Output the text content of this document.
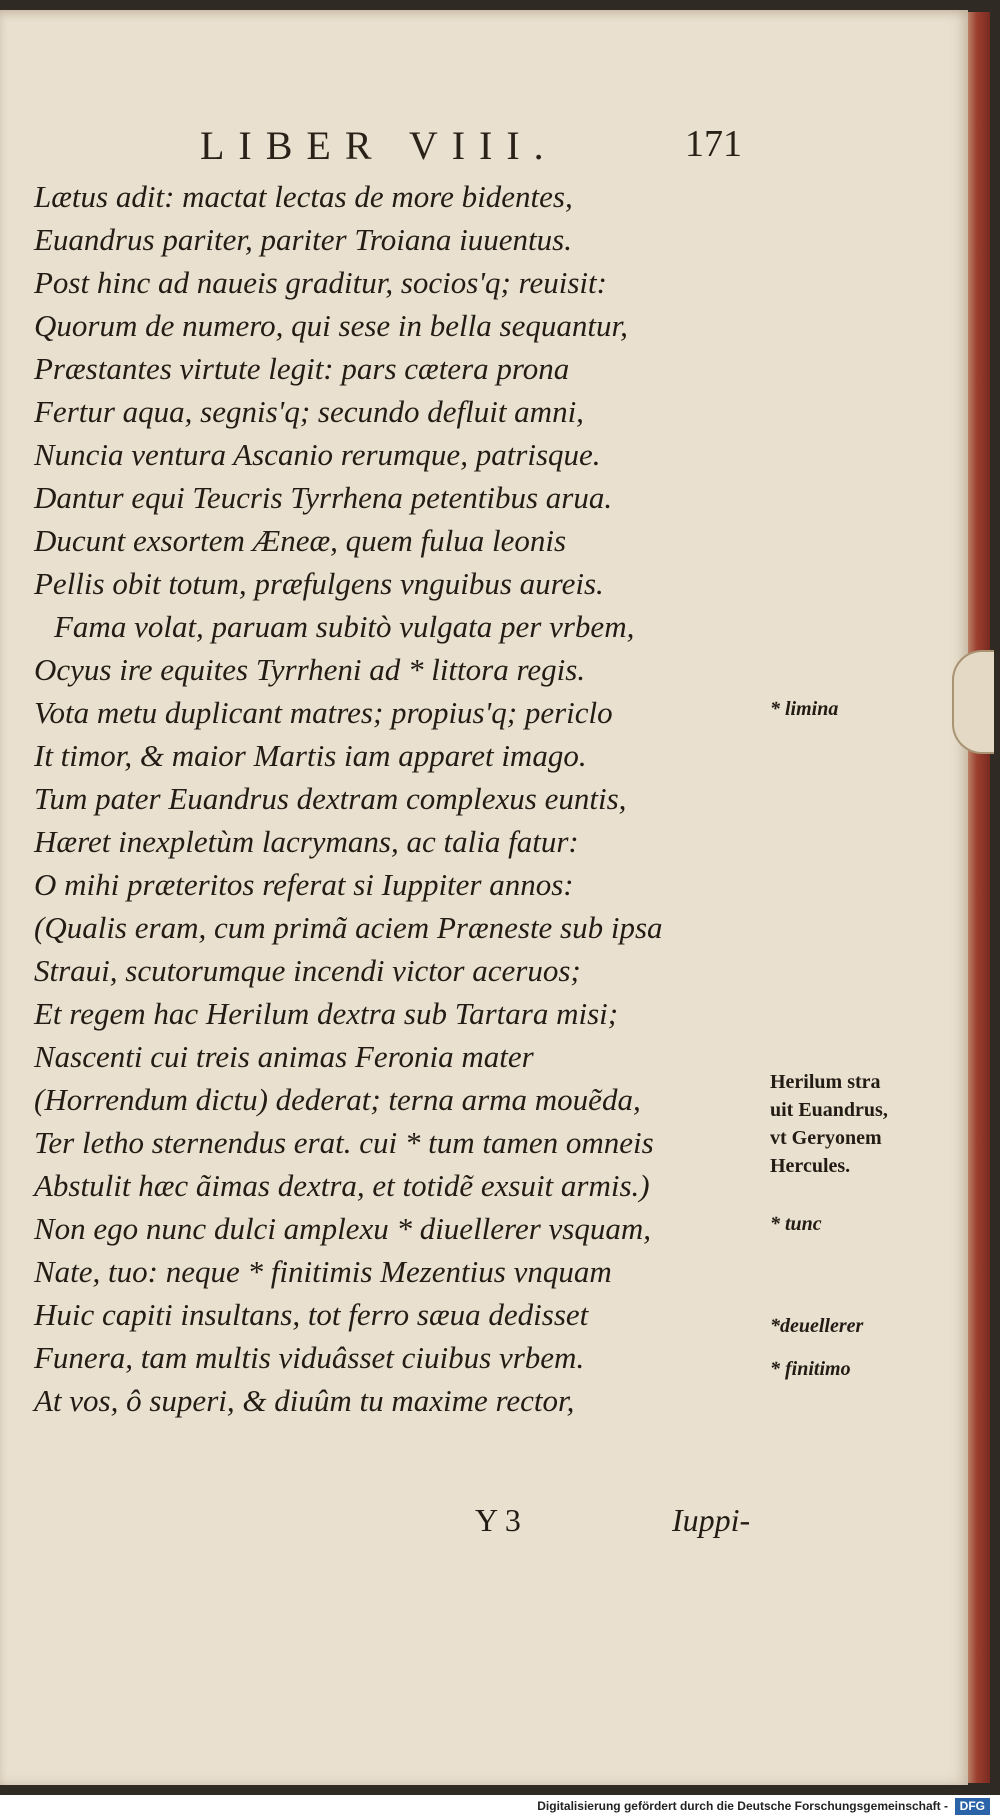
LIBER VIII.	171
Lætus adit: mactat lectas de more bidentes,
Euandrus pariter, pariter Troiana iuuentus.
Post hinc ad naueis graditur, socios'q; reuisit:
Quorum de numero, qui sese in bella sequantur,
Præstantes virtute legit: pars cætera prona
Fertur aqua, segnis'q; secundo defluit amni,
Nuncia ventura Ascanio rerumque, patrisque.
Dantur equi Teucris Tyrrhena petentibus arua.
Ducunt exsortem Æneæ, quem fulua leonis
Pellis obit totum, præfulgens vnguibus aureis.
Fama volat, paruam subitò vulgata per vrbem,
Ocyus ire equites Tyrrheni ad * littora regis.
Vota metu duplicant matres; propius'q; periclo
It timor, & maior Martis iam apparet imago.
Tum pater Euandrus dextram complexus euntis,
Hæret inexpletùm lacrymans, ac talia fatur:
O mihi præteritos referat si Iuppiter annos:
(Qualis eram, cum primã aciem Præneste sub ipsa
Straui, scutorumque incendi victor aceruos;
Et regem hac Herilum dextra sub Tartara misi;
Nascenti cui treis animas Feronia mater
(Horrendum dictu) dederat; terna arma mouẽda,
Ter letho sternendus erat. cui * tum tamen omneis
Abstulit hæc ãimas dextra, et totidẽ exsuit armis.)
Non ego nunc dulci amplexu * diuellerer vsquam,
Nate, tuo: neque * finitimis Mezentius vnquam
Huic capiti insultans, tot ferro sæua dedisset
Funera, tam multis viduâsset ciuibus vrbem.
At vos, ô superi, & diuûm tu maxime rector,
* limina
Herilum stra
uit Euandrus,
vt Geryonem
Hercules.
* tunc
*deuellerer
* finitimo
Y 3	Iuppi-
Digitalisierung gefördert durch die Deutsche Forschungsgemeinschaft - DFG
